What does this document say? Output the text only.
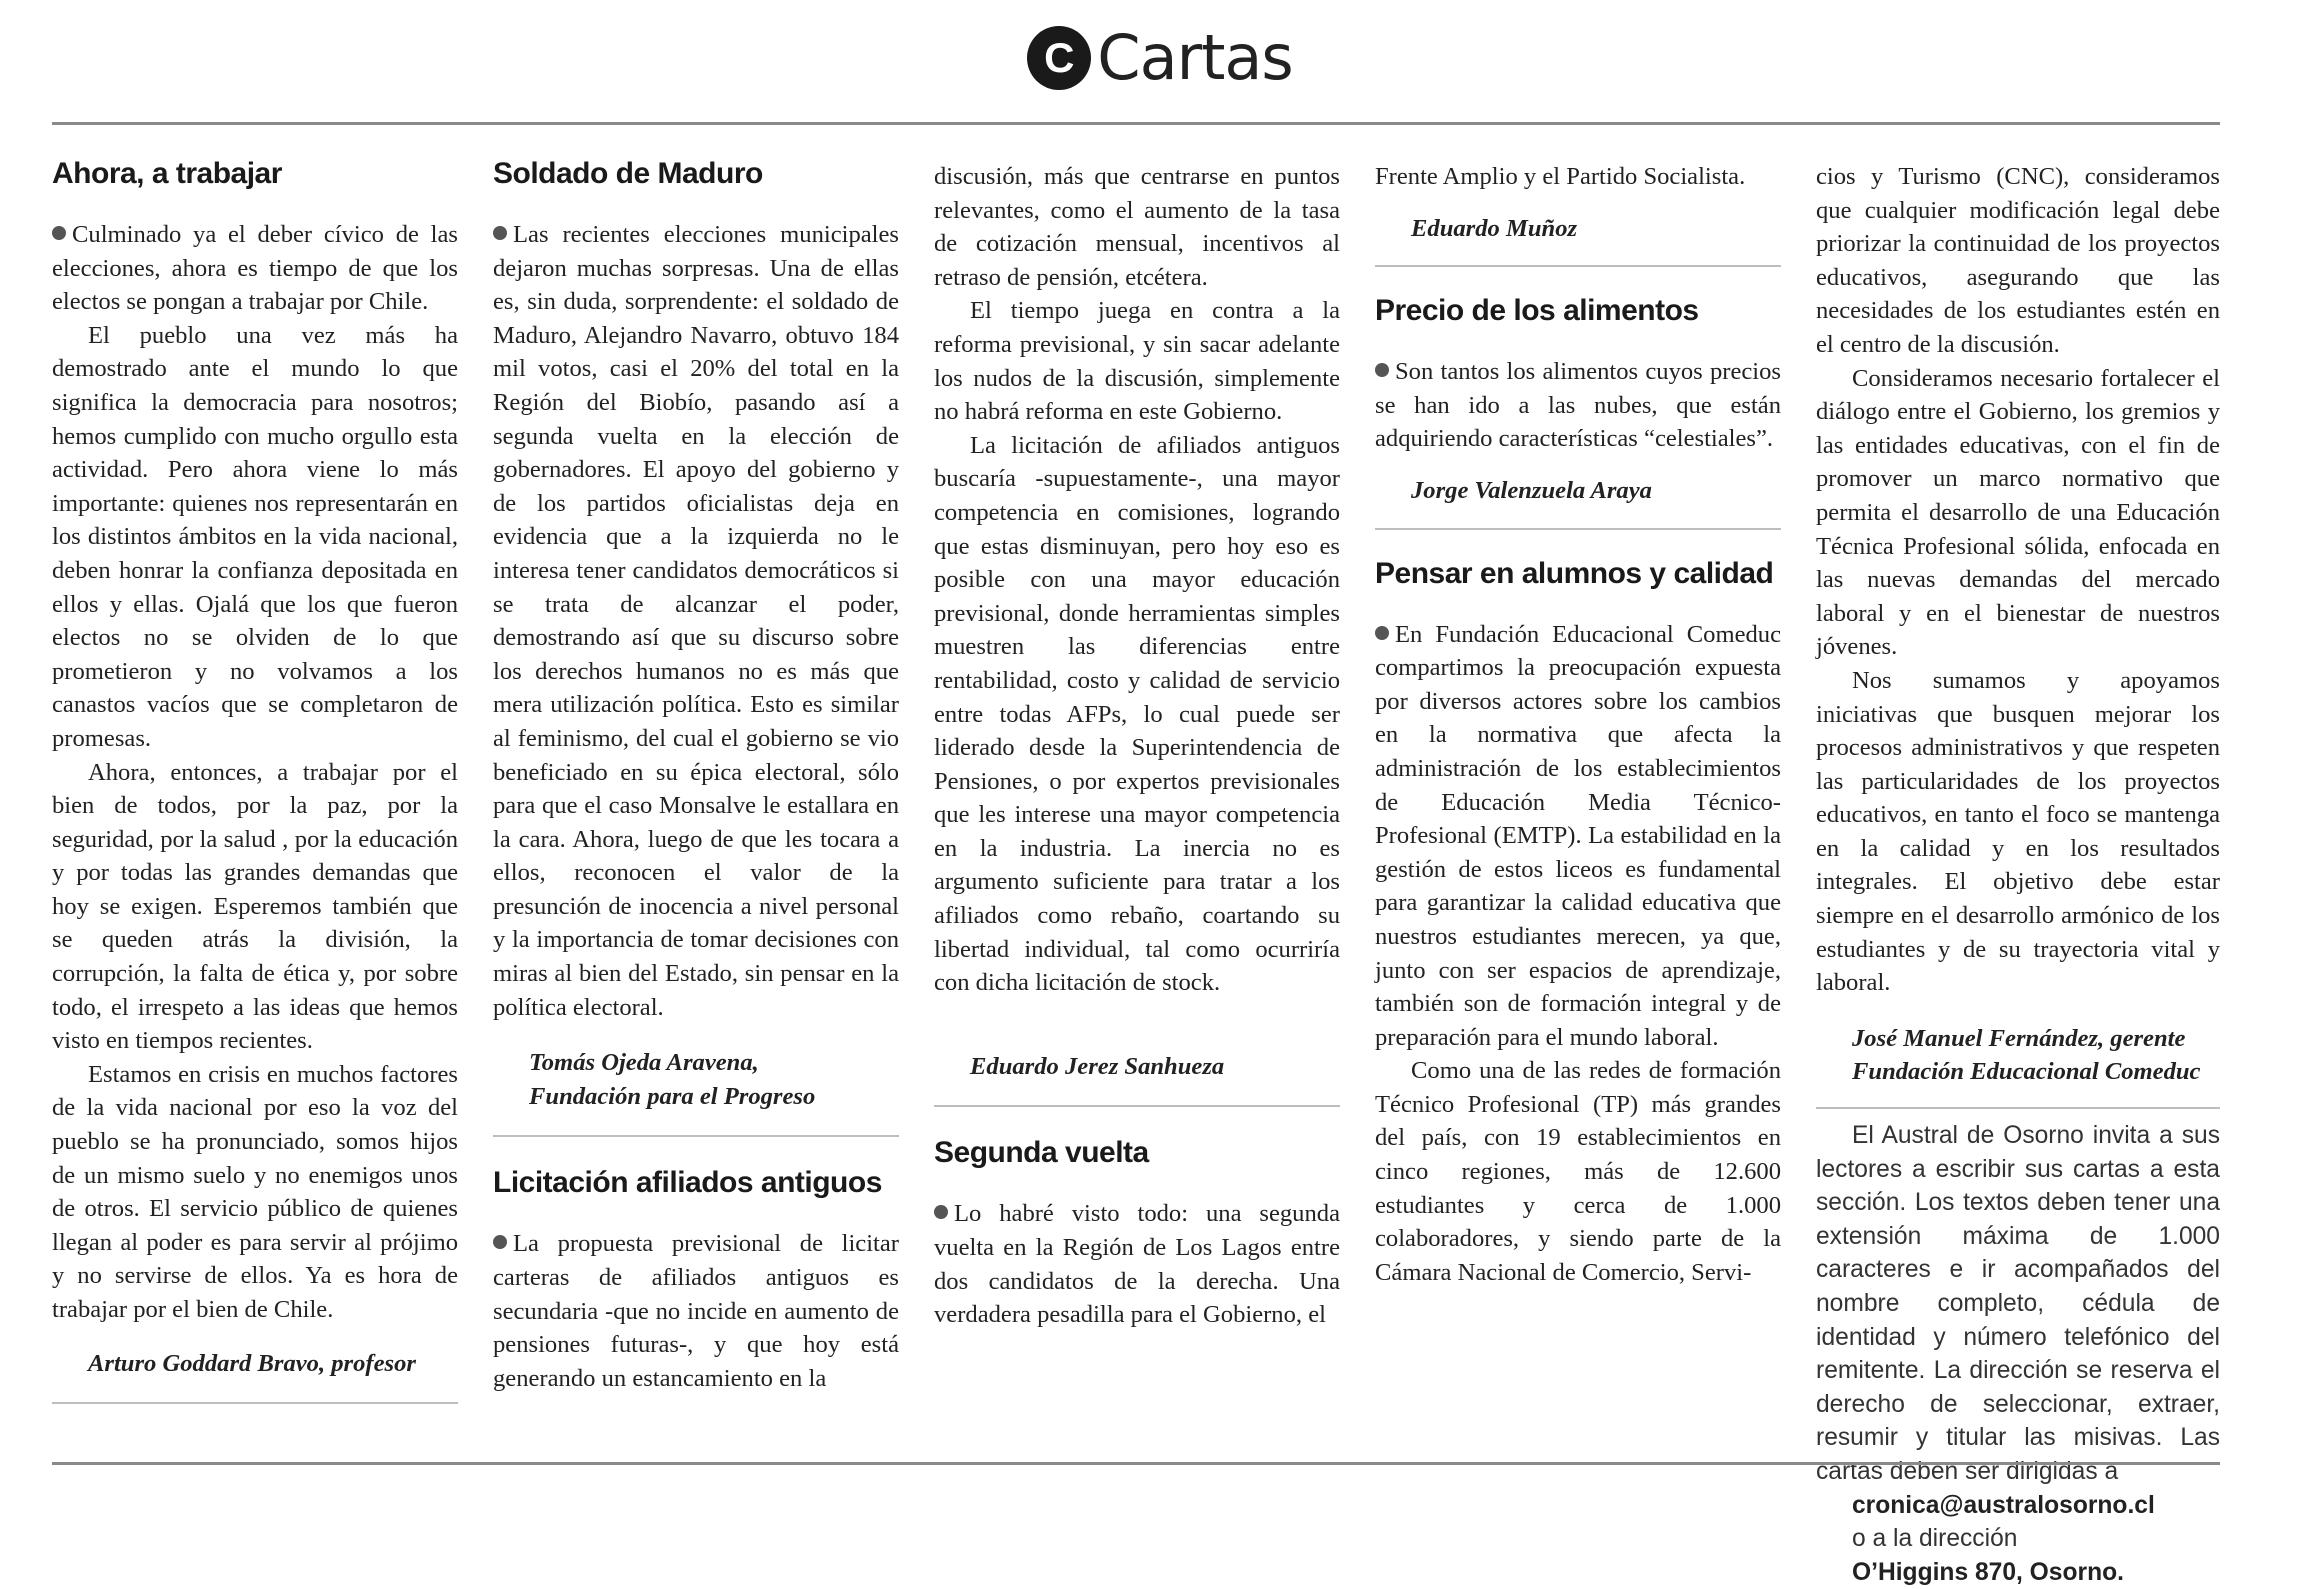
C Cartas
Ahora, a trabajar

Culminado ya el deber cívico de las elecciones, ahora es tiempo de que los electos se pongan a trabajar por Chile.

El pueblo una vez más ha demostrado ante el mundo lo que significa la democracia para nosotros; hemos cumplido con mucho orgullo esta actividad. Pero ahora viene lo más importante: quienes nos representarán en los distintos ámbitos en la vida nacional, deben honrar la confianza depositada en ellos y ellas. Ojalá que los que fueron electos no se olviden de lo que prometieron y no volvamos a los canastos vacíos que se completaron de promesas.

Ahora, entonces, a trabajar por el bien de todos, por la paz, por la seguridad, por la salud , por la educación y por todas las grandes demandas que hoy se exigen. Esperemos también que se queden atrás la división, la corrupción, la falta de ética y, por sobre todo, el irrespeto a las ideas que hemos visto en tiempos recientes.

Estamos en crisis en muchos factores de la vida nacional por eso la voz del pueblo se ha pronunciado, somos hijos de un mismo suelo y no enemigos unos de otros. El servicio público de quienes llegan al poder es para servir al prójimo y no servirse de ellos. Ya es hora de trabajar por el bien de Chile.

Arturo Goddard Bravo, profesor

Soldado de Maduro

Las recientes elecciones municipales dejaron muchas sorpresas. Una de ellas es, sin duda, sorprendente: el soldado de Maduro, Alejandro Navarro, obtuvo 184 mil votos, casi el 20% del total en la Región del Biobío, pasando así a segunda vuelta en la elección de gobernadores. El apoyo del gobierno y de los partidos oficialistas deja en evidencia que a la izquierda no le interesa tener candidatos democráticos si se trata de alcanzar el poder, demostrando así que su discurso sobre los derechos humanos no es más que mera utilización política. Esto es similar al feminismo, del cual el gobierno se vio beneficiado en su épica electoral, sólo para que el caso Monsalve le estallara en la cara. Ahora, luego de que les tocara a ellos, reconocen el valor de la presunción de inocencia a nivel personal y la importancia de tomar decisiones con miras al bien del Estado, sin pensar en la política electoral.

Tomás Ojeda Aravena,

Fundación para el Progreso

Licitación afiliados antiguos

La propuesta previsional de licitar carteras de afiliados antiguos es secundaria -que no incide en aumento de pensiones futuras-, y que hoy está generando un estancamiento en la

discusión, más que centrarse en puntos relevantes, como el aumento de la tasa de cotización mensual, incentivos al retraso de pensión, etcétera.

El tiempo juega en contra a la reforma previsional, y sin sacar adelante los nudos de la discusión, simplemente no habrá reforma en este Gobierno.

La licitación de afiliados antiguos buscaría -supuestamente-, una mayor competencia en comisiones, logrando que estas disminuyan, pero hoy eso es posible con una mayor educación previsional, donde herramientas simples muestren las diferencias entre rentabilidad, costo y calidad de servicio entre todas AFPs, lo cual puede ser liderado desde la Superintendencia de Pensiones, o por expertos previsionales que les interese una mayor competencia en la industria. La inercia no es argumento suficiente para tratar a los afiliados como rebaño, coartando su libertad individual, tal como ocurriría con dicha licitación de stock.

Eduardo Jerez Sanhueza

Segunda vuelta

Lo habré visto todo: una segunda vuelta en la Región de Los Lagos entre dos candidatos de la derecha. Una verdadera pesadilla para el Gobierno, el

Frente Amplio y el Partido Socialista.

Eduardo Muñoz

Precio de los alimentos

Son tantos los alimentos cuyos precios se han ido a las nubes, que están adquiriendo características “celestiales”.

Jorge Valenzuela Araya

Pensar en alumnos y calidad

En Fundación Educacional Comeduc compartimos la preocupación expuesta por diversos actores sobre los cambios en la normativa que afecta la administración de los establecimientos de Educación Media Técnico-Profesional (EMTP). La estabilidad en la gestión de estos liceos es fundamental para garantizar la calidad educativa que nuestros estudiantes merecen, ya que, junto con ser espacios de aprendizaje, también son de formación integral y de preparación para el mundo laboral.

Como una de las redes de formación Técnico Profesional (TP) más grandes del país, con 19 establecimientos en cinco regiones, más de 12.600 estudiantes y cerca de 1.000 colaboradores, y siendo parte de la Cámara Nacional de Comercio, Servi-

cios y Turismo (CNC), consideramos que cualquier modificación legal debe priorizar la continuidad de los proyectos educativos, asegurando que las necesidades de los estudiantes estén en el centro de la discusión.

Consideramos necesario fortalecer el diálogo entre el Gobierno, los gremios y las entidades educativas, con el fin de promover un marco normativo que permita el desarrollo de una Educación Técnica Profesional sólida, enfocada en las nuevas demandas del mercado laboral y en el bienestar de nuestros jóvenes.

Nos sumamos y apoyamos iniciativas que busquen mejorar los procesos administrativos y que respeten las particularidades de los proyectos educativos, en tanto el foco se mantenga en la calidad y en los resultados integrales. El objetivo debe estar siempre en el desarrollo armónico de los estudiantes y de su trayectoria vital y laboral.

José Manuel Fernández, gerente

Fundación Educacional Comeduc

El Austral de Osorno invita a sus lectores a escribir sus cartas a esta sección. Los textos deben tener una extensión máxima de 1.000 caracteres e ir acompañados del nombre completo, cédula de identidad y número telefónico del remitente. La dirección se reserva el derecho de seleccionar, extraer, resumir y titular las misivas. Las cartas deben ser dirigidas a

cronica@australosorno.cl

o a la dirección

O’Higgins 870, Osorno.
